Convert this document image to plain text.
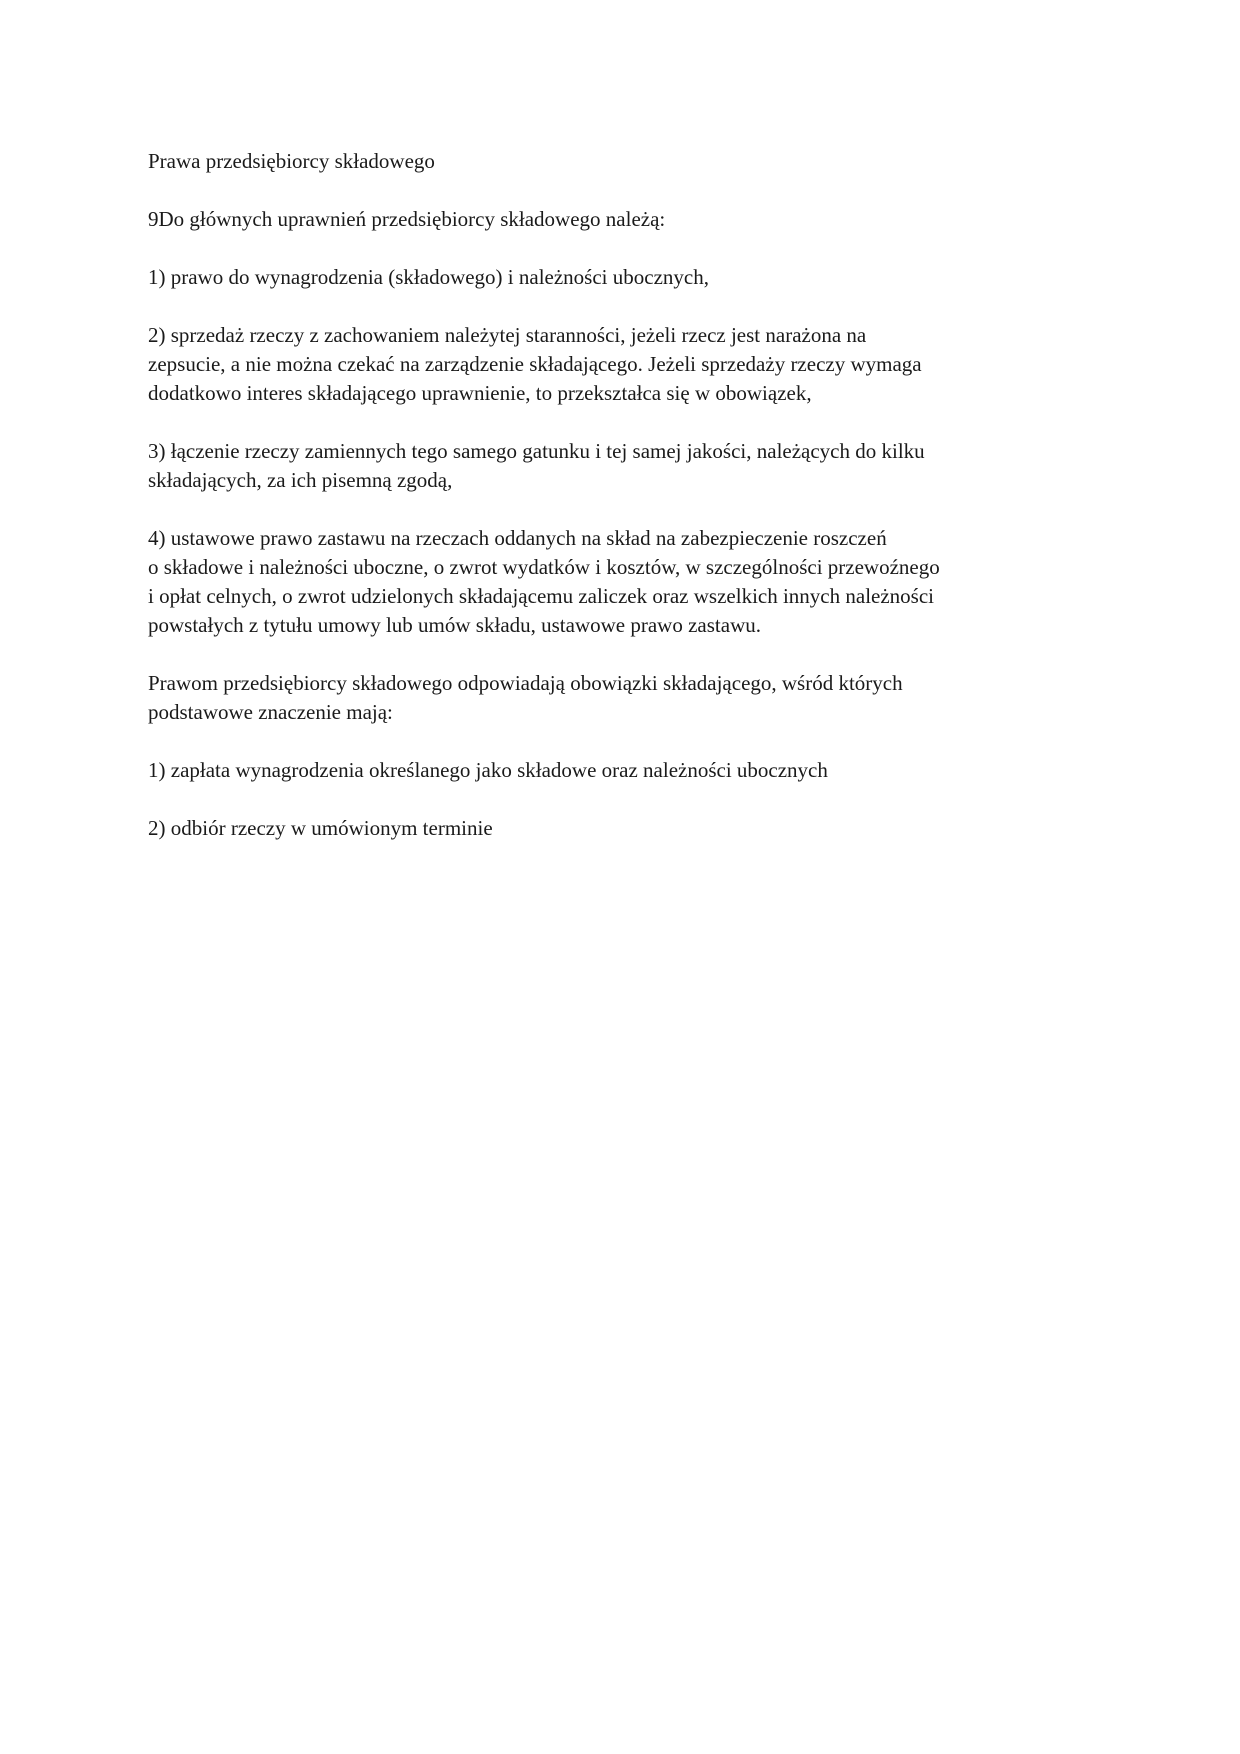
Prawa przedsiębiorcy składowego

9Do głównych uprawnień przedsiębiorcy składowego należą:

1) prawo do wynagrodzenia (składowego) i należności ubocznych,

2) sprzedaż rzeczy z zachowaniem należytej staranności, jeżeli rzecz jest narażona na
zepsucie, a nie można czekać na zarządzenie składającego. Jeżeli sprzedaży rzeczy wymaga
dodatkowo interes składającego uprawnienie, to przekształca się w obowiązek,

3) łączenie rzeczy zamiennych tego samego gatunku i tej samej jakości, należących do kilku
składających, za ich pisemną zgodą,

4) ustawowe prawo zastawu na rzeczach oddanych na skład na zabezpieczenie roszczeń
o składowe i należności uboczne, o zwrot wydatków i kosztów, w szczególności przewoźnego
i opłat celnych, o zwrot udzielonych składającemu zaliczek oraz wszelkich innych należności
powstałych z tytułu umowy lub umów składu, ustawowe prawo zastawu.

Prawom przedsiębiorcy składowego odpowiadają obowiązki składającego, wśród których
podstawowe znaczenie mają:

1) zapłata wynagrodzenia określanego jako składowe oraz należności ubocznych

2) odbiór rzeczy w umówionym terminie
